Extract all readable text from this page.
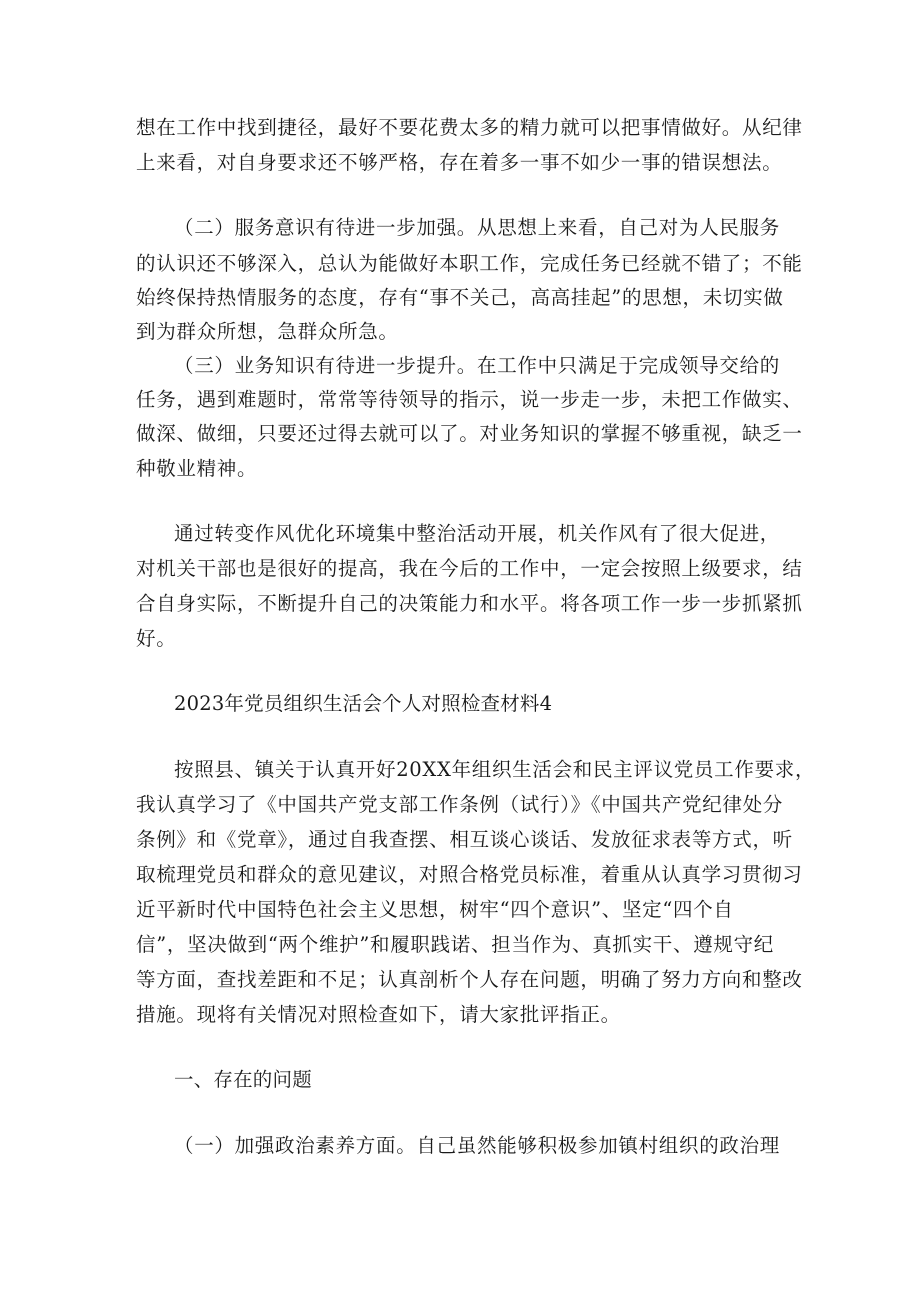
想在工作中找到捷径，最好不要花费太多的精力就可以把事情做好。从纪律
上来看，对自身要求还不够严格，存在着多一事不如少一事的错误想法。
（二）服务意识有待进一步加强。从思想上来看，自己对为人民服务
的认识还不够深入，总认为能做好本职工作，完成任务已经就不错了；不能
始终保持热情服务的态度，存有“事不关己，高高挂起”的思想，未切实做
到为群众所想，急群众所急。
（三）业务知识有待进一步提升。在工作中只满足于完成领导交给的
任务，遇到难题时，常常等待领导的指示，说一步走一步，未把工作做实、
做深、做细，只要还过得去就可以了。对业务知识的掌握不够重视，缺乏一
种敬业精神。
通过转变作风优化环境集中整治活动开展，机关作风有了很大促进，
对机关干部也是很好的提高，我在今后的工作中，一定会按照上级要求，结
合自身实际，不断提升自己的决策能力和水平。将各项工作一步一步抓紧抓
好。
2023年党员组织生活会个人对照检查材料4
按照县、镇关于认真开好20XX年组织生活会和民主评议党员工作要求，
我认真学习了《中国共产党支部工作条例（试行）》《中国共产党纪律处分
条例》和《党章》，通过自我查摆、相互谈心谈话、发放征求表等方式，听
取梳理党员和群众的意见建议，对照合格党员标准，着重从认真学习贯彻习
近平新时代中国特色社会主义思想，树牢“四个意识”、坚定“四个自
信”，坚决做到“两个维护”和履职践诺、担当作为、真抓实干、遵规守纪
等方面，查找差距和不足；认真剖析个人存在问题，明确了努力方向和整改
措施。现将有关情况对照检查如下，请大家批评指正。
一、存在的问题
（一）加强政治素养方面。自己虽然能够积极参加镇村组织的政治理
